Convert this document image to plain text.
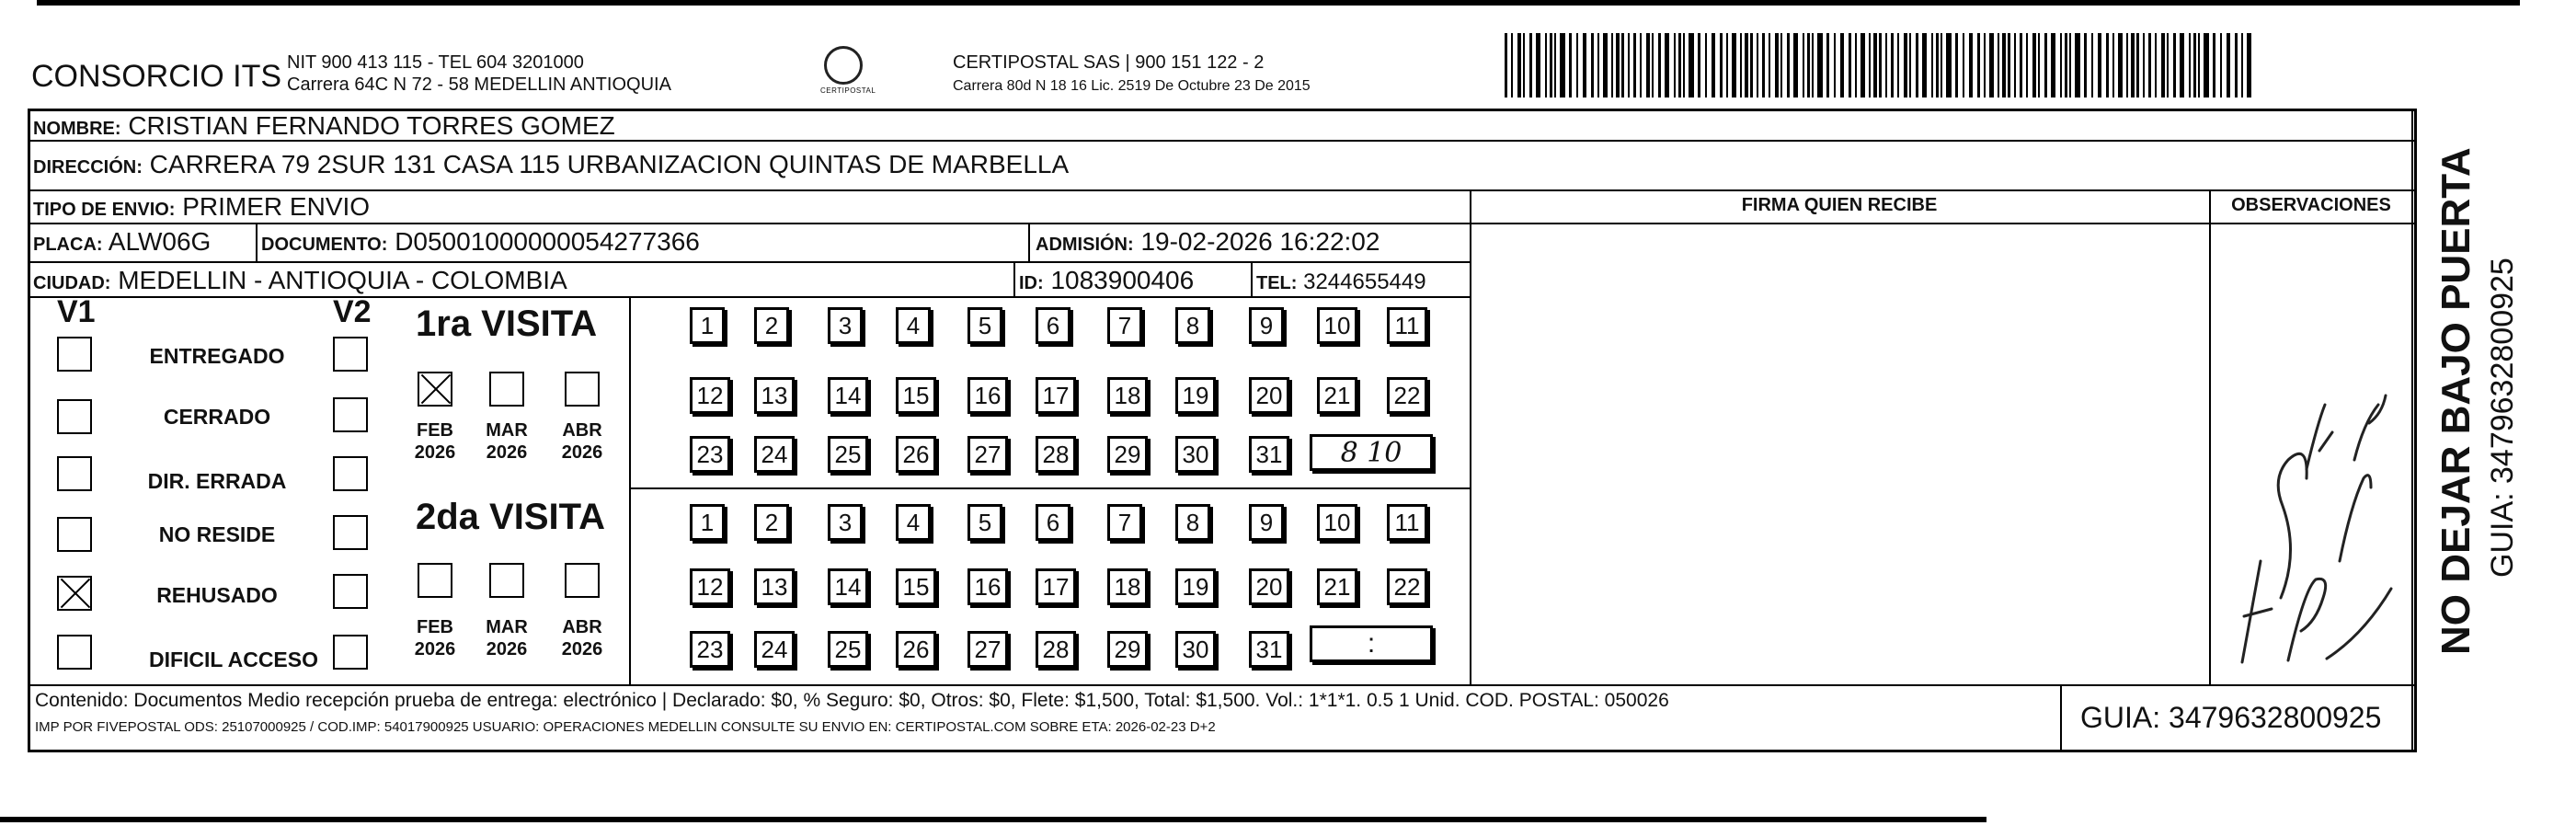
CONSORCIO ITS NIT 900 413 115 - TEL 604 3201000
Carrera 64C N 72 - 58 MEDELLIN ANTIOQUIA	CERTIPOSTAL
CERTIPOSTAL SAS | 900 151 122 - 2
Carrera 80d N 18 16 Lic. 2519 De Octubre 23 De 2015
NOMBRE: CRISTIAN FERNANDO TORRES GOMEZ
DIRECCIÓN: CARRERA 79 2SUR 131 CASA 115 URBANIZACION QUINTAS DE MARBELLA
TIPO DE ENVIO: PRIMER ENVIO	FIRMA QUIEN RECIBE	OBSERVACIONES
PLACA: ALW06G	DOCUMENTO: D05001000000054277366	ADMISIÓN: 19-02-2026 16:22:02
CIUDAD: MEDELLIN - ANTIOQUIA - COLOMBIA	ID: 1083900406	TEL: 3244655449
V1	V2
ENTREGADO
CERRADO
DIR. ERRADA
NO RESIDE
REHUSADO
DIFICIL ACCESO
1ra VISITA
FEB
2026
MAR
2026
ABR
2026
2da VISITA
FEB
2026
MAR
2026
ABR
2026
1	2	3	4	5	6	7	8	9	10	11
12 13 14 15 16 17 18 19 20 21 22
23 24 25 26 27 28 29 30 31
1	2	3	4	5	6	7	8	9	10	11
12 13 14 15 16 17 18 19 20 21 22
23 24 25 26 27 28 29 30 31
8 10
:
Contenido: Documentos Medio recepción prueba de entrega: electrónico | Declarado: $0, % Seguro: $0, Otros: $0, Flete: $1,500, Total: $1,500. Vol.: 1*1*1. 0.5 1 Unid. COD. POSTAL: 050026
IMP POR FIVEPOSTAL ODS: 25107000925 / COD.IMP: 54017900925 USUARIO: OPERACIONES MEDELLIN CONSULTE SU ENVIO EN: CERTIPOSTAL.COM SOBRE ETA: 2026-02-23 D+2	GUIA: 3479632800925
NO DEJAR BAJO PUERTA GUIA: 3479632800925
